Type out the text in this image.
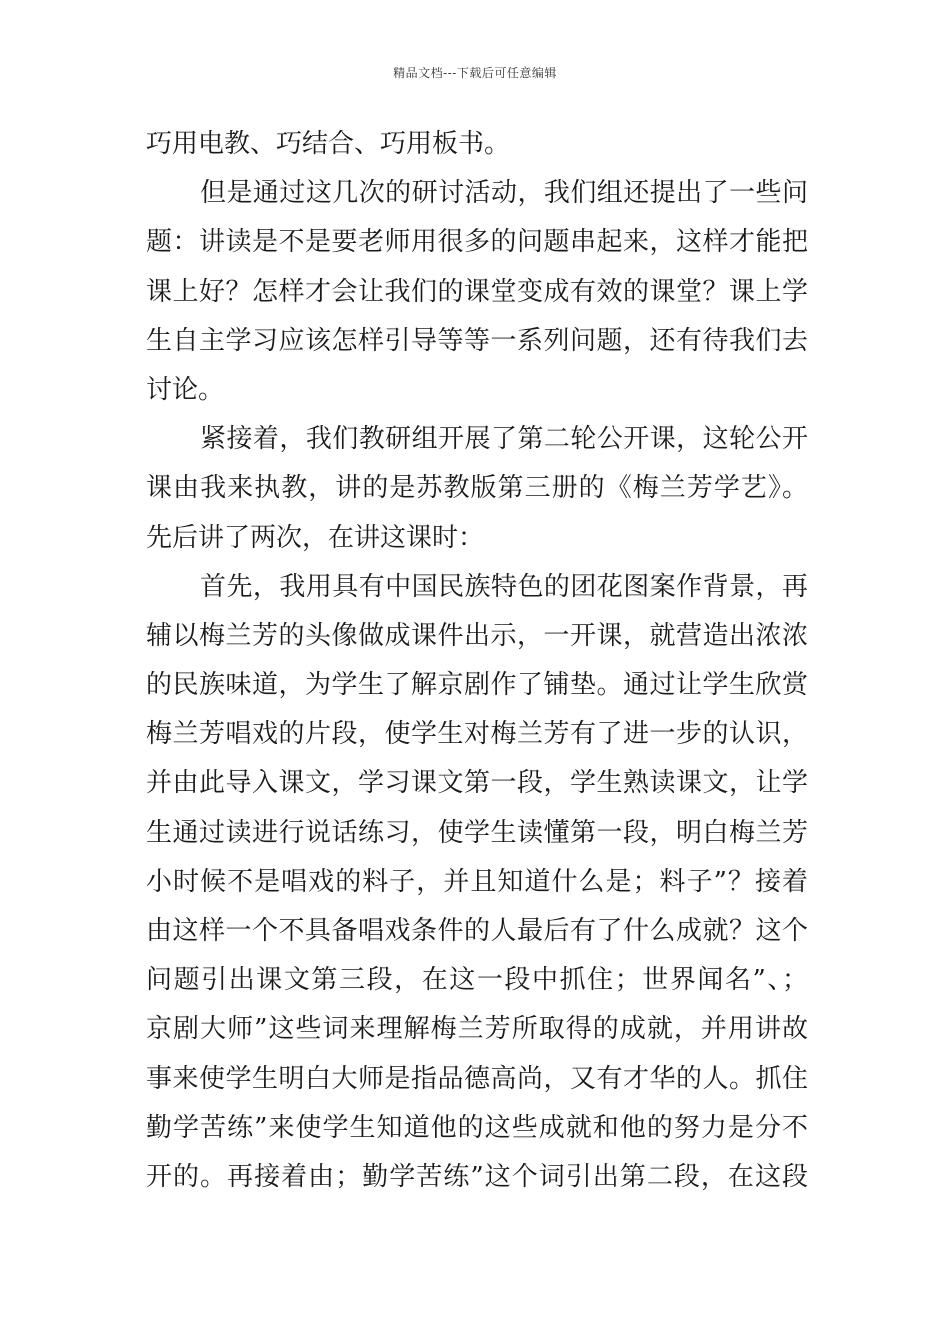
精品文档---下载后可任意编辑
巧用电教、巧结合、巧用板书。
但是通过这几次的研讨活动，我们组还提出了一些问
题：讲读是不是要老师用很多的问题串起来，这样才能把
课上好？怎样才会让我们的课堂变成有效的课堂？课上学
生自主学习应该怎样引导等等一系列问题，还有待我们去
讨论。
紧接着，我们教研组开展了第二轮公开课，这轮公开
课由我来执教，讲的是苏教版第三册的《梅兰芳学艺》。
先后讲了两次，在讲这课时：
首先，我用具有中国民族特色的团花图案作背景，再
辅以梅兰芳的头像做成课件出示，一开课，就营造出浓浓
的民族味道，为学生了解京剧作了铺垫。通过让学生欣赏
梅兰芳唱戏的片段，使学生对梅兰芳有了进一步的认识，
并由此导入课文，学习课文第一段，学生熟读课文，让学
生通过读进行说话练习，使学生读懂第一段，明白梅兰芳
小时候不是唱戏的料子，并且知道什么是；料子”？接着
由这样一个不具备唱戏条件的人最后有了什么成就？这个
问题引出课文第三段，在这一段中抓住；世界闻名”、；
京剧大师”这些词来理解梅兰芳所取得的成就，并用讲故
事来使学生明白大师是指品德高尚，又有才华的人。抓住
勤学苦练”来使学生知道他的这些成就和他的努力是分不
开的。再接着由；勤学苦练”这个词引出第二段，在这段
